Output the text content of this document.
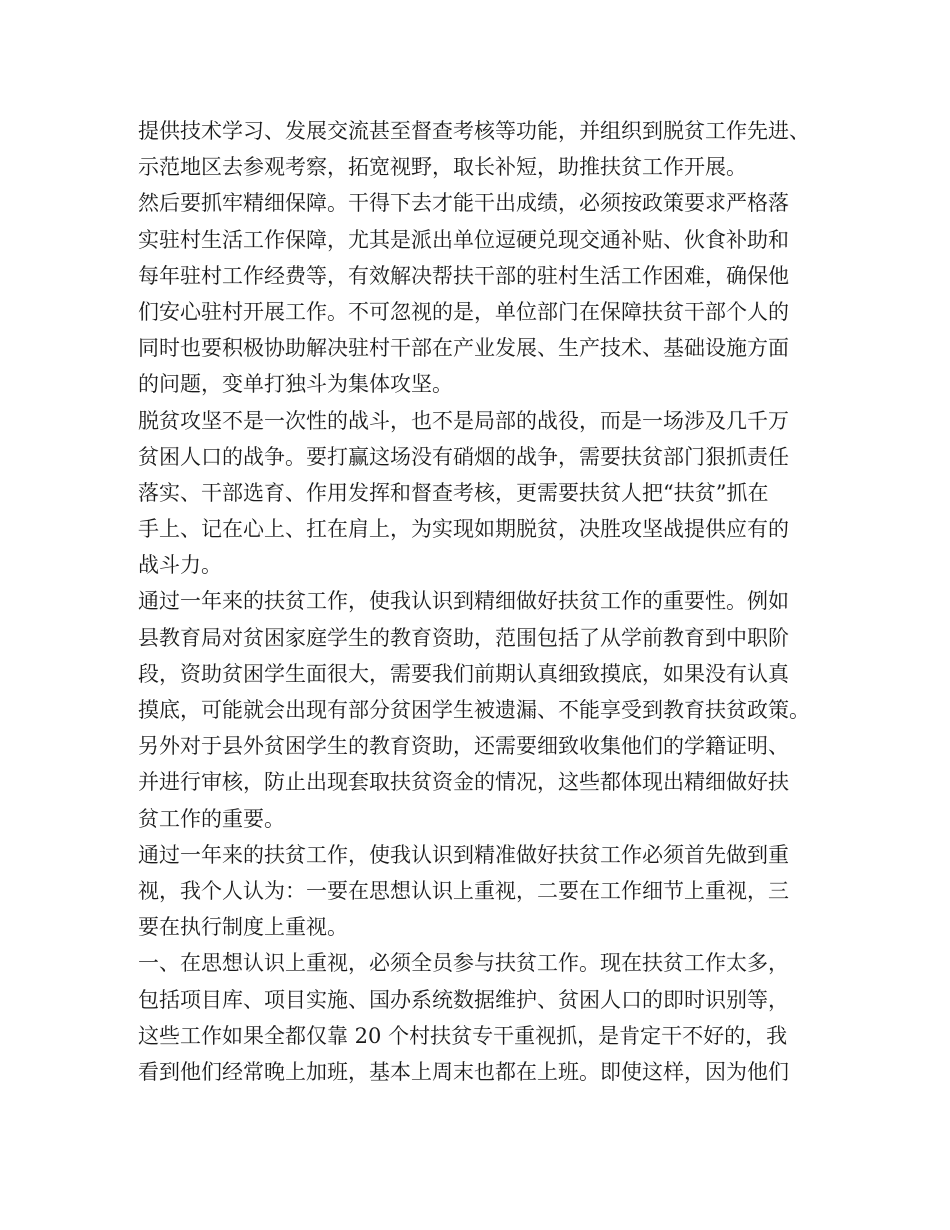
提供技术学习、发展交流甚至督查考核等功能，并组织到脱贫工作先进、
示范地区去参观考察，拓宽视野，取长补短，助推扶贫工作开展。
然后要抓牢精细保障。干得下去才能干出成绩，必须按政策要求严格落
实驻村生活工作保障，尤其是派出单位逗硬兑现交通补贴、伙食补助和
每年驻村工作经费等，有效解决帮扶干部的驻村生活工作困难，确保他
们安心驻村开展工作。不可忽视的是，单位部门在保障扶贫干部个人的
同时也要积极协助解决驻村干部在产业发展、生产技术、基础设施方面
的问题，变单打独斗为集体攻坚。
脱贫攻坚不是一次性的战斗，也不是局部的战役，而是一场涉及几千万
贫困人口的战争。要打赢这场没有硝烟的战争，需要扶贫部门狠抓责任
落实、干部选育、作用发挥和督查考核，更需要扶贫人把“扶贫”抓在
手上、记在心上、扛在肩上，为实现如期脱贫，决胜攻坚战提供应有的
战斗力。
通过一年来的扶贫工作，使我认识到精细做好扶贫工作的重要性。例如
县教育局对贫困家庭学生的教育资助，范围包括了从学前教育到中职阶
段，资助贫困学生面很大，需要我们前期认真细致摸底，如果没有认真
摸底，可能就会出现有部分贫困学生被遗漏、不能享受到教育扶贫政策。
另外对于县外贫困学生的教育资助，还需要细致收集他们的学籍证明、
并进行审核，防止出现套取扶贫资金的情况，这些都体现出精细做好扶
贫工作的重要。
通过一年来的扶贫工作，使我认识到精准做好扶贫工作必须首先做到重
视，我个人认为：一要在思想认识上重视，二要在工作细节上重视，三
要在执行制度上重视。
一、在思想认识上重视，必须全员参与扶贫工作。现在扶贫工作太多，
包括项目库、项目实施、国办系统数据维护、贫困人口的即时识别等，
这些工作如果全都仅靠 20 个村扶贫专干重视抓，是肯定干不好的，我
看到他们经常晚上加班，基本上周末也都在上班。即使这样，因为他们
